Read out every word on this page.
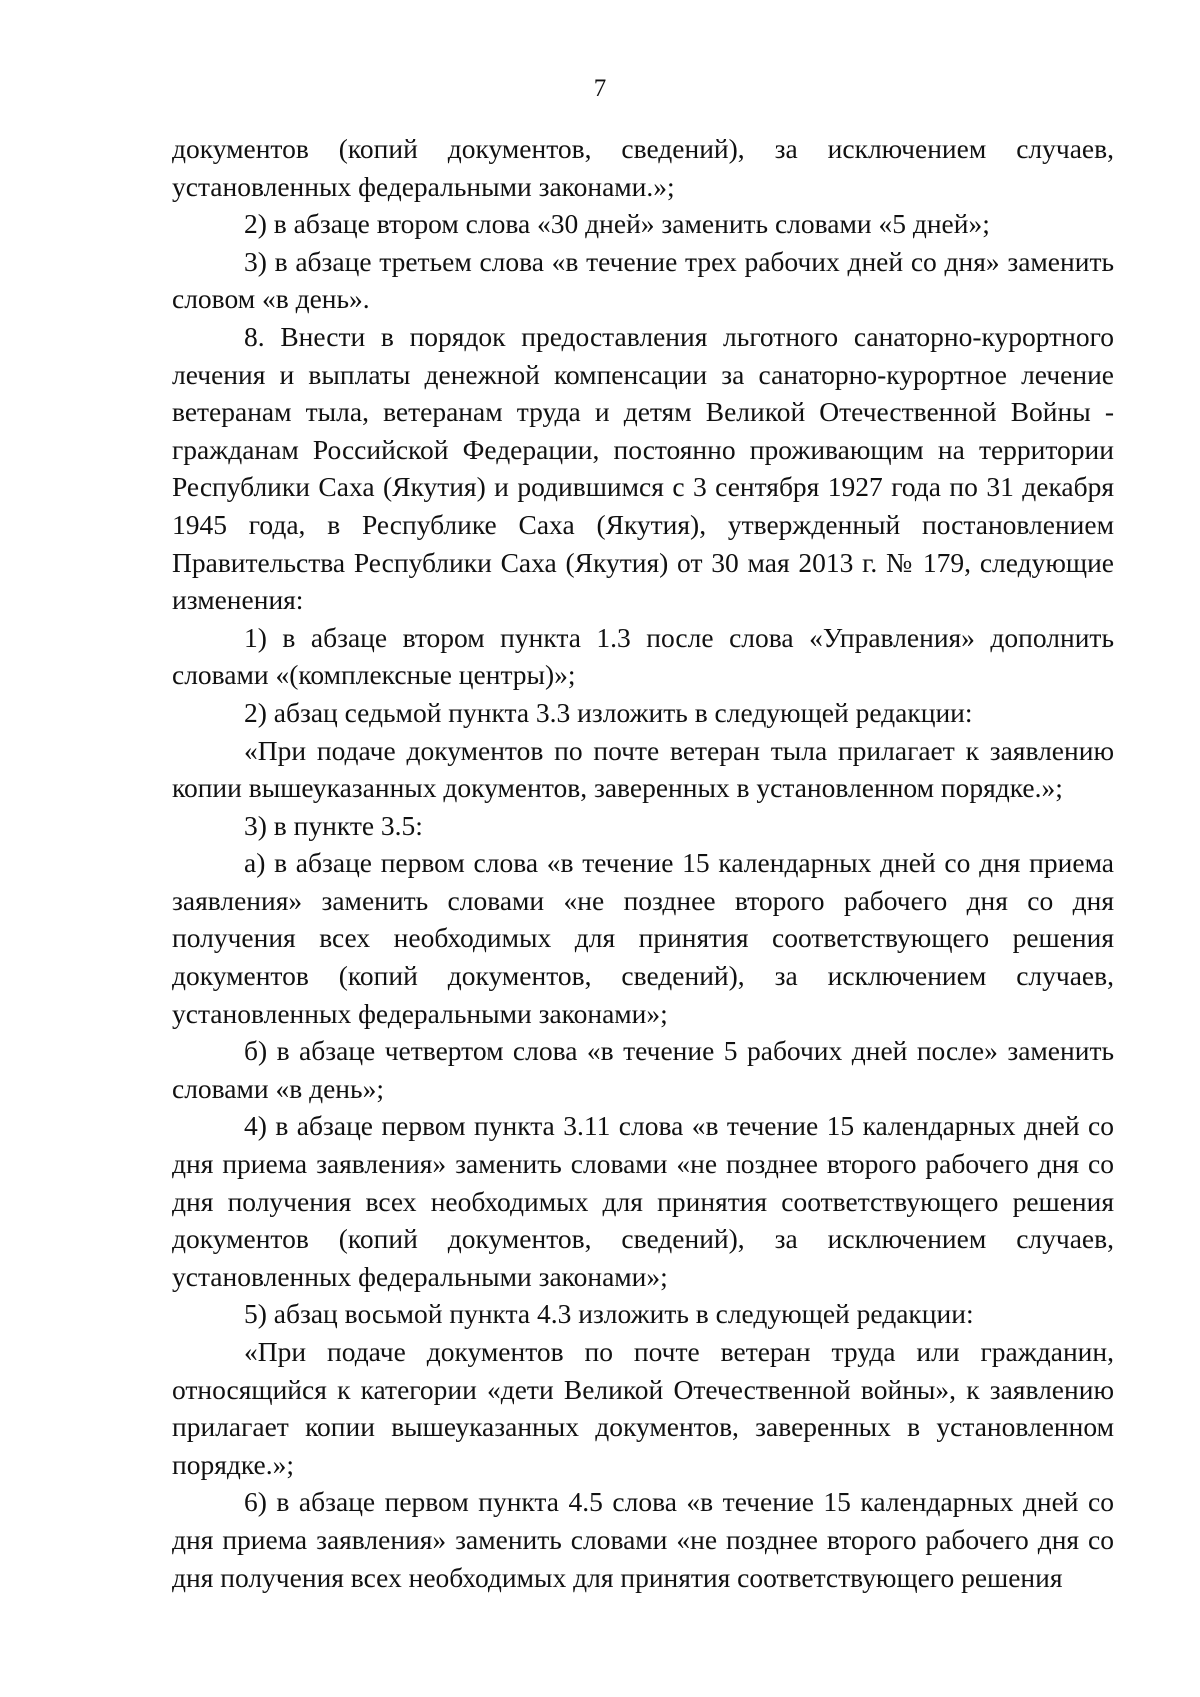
7

документов (копий документов, сведений), за исключением случаев, установленных федеральными законами.»;

2) в абзаце втором слова «30 дней» заменить словами «5 дней»;

3) в абзаце третьем слова «в течение трех рабочих дней со дня» заменить словом «в день».

8. Внести в порядок предоставления льготного санаторно-курортного лечения и выплаты денежной компенсации за санаторно-курортное лечение ветеранам тыла, ветеранам труда и детям Великой Отечественной Войны - гражданам Российской Федерации, постоянно проживающим на территории Республики Саха (Якутия) и родившимся с 3 сентября 1927 года по 31 декабря 1945 года, в Республике Саха (Якутия), утвержденный постановлением Правительства Республики Саха (Якутия) от 30 мая 2013 г. № 179, следующие изменения:

1) в абзаце втором пункта 1.3 после слова «Управления» дополнить словами «(комплексные центры)»;

2) абзац седьмой пункта 3.3 изложить в следующей редакции:

«При подаче документов по почте ветеран тыла прилагает к заявлению копии вышеуказанных документов, заверенных в установленном порядке.»;

3) в пункте 3.5:

а) в абзаце первом слова «в течение 15 календарных дней со дня приема заявления» заменить словами «не позднее второго рабочего дня со дня получения всех необходимых для принятия соответствующего решения документов (копий документов, сведений), за исключением случаев, установленных федеральными законами»;

б) в абзаце четвертом слова «в течение 5 рабочих дней после» заменить словами «в день»;

4) в абзаце первом пункта 3.11 слова «в течение 15 календарных дней со дня приема заявления» заменить словами «не позднее второго рабочего дня со дня получения всех необходимых для принятия соответствующего решения документов (копий документов, сведений), за исключением случаев, установленных федеральными законами»;

5) абзац восьмой пункта 4.3 изложить в следующей редакции:

«При подаче документов по почте ветеран труда или гражданин, относящийся к категории «дети Великой Отечественной войны», к заявлению прилагает копии вышеуказанных документов, заверенных в установленном порядке.»;

6) в абзаце первом пункта 4.5 слова «в течение 15 календарных дней со дня приема заявления» заменить словами «не позднее второго рабочего дня со дня получения всех необходимых для принятия соответствующего решения
